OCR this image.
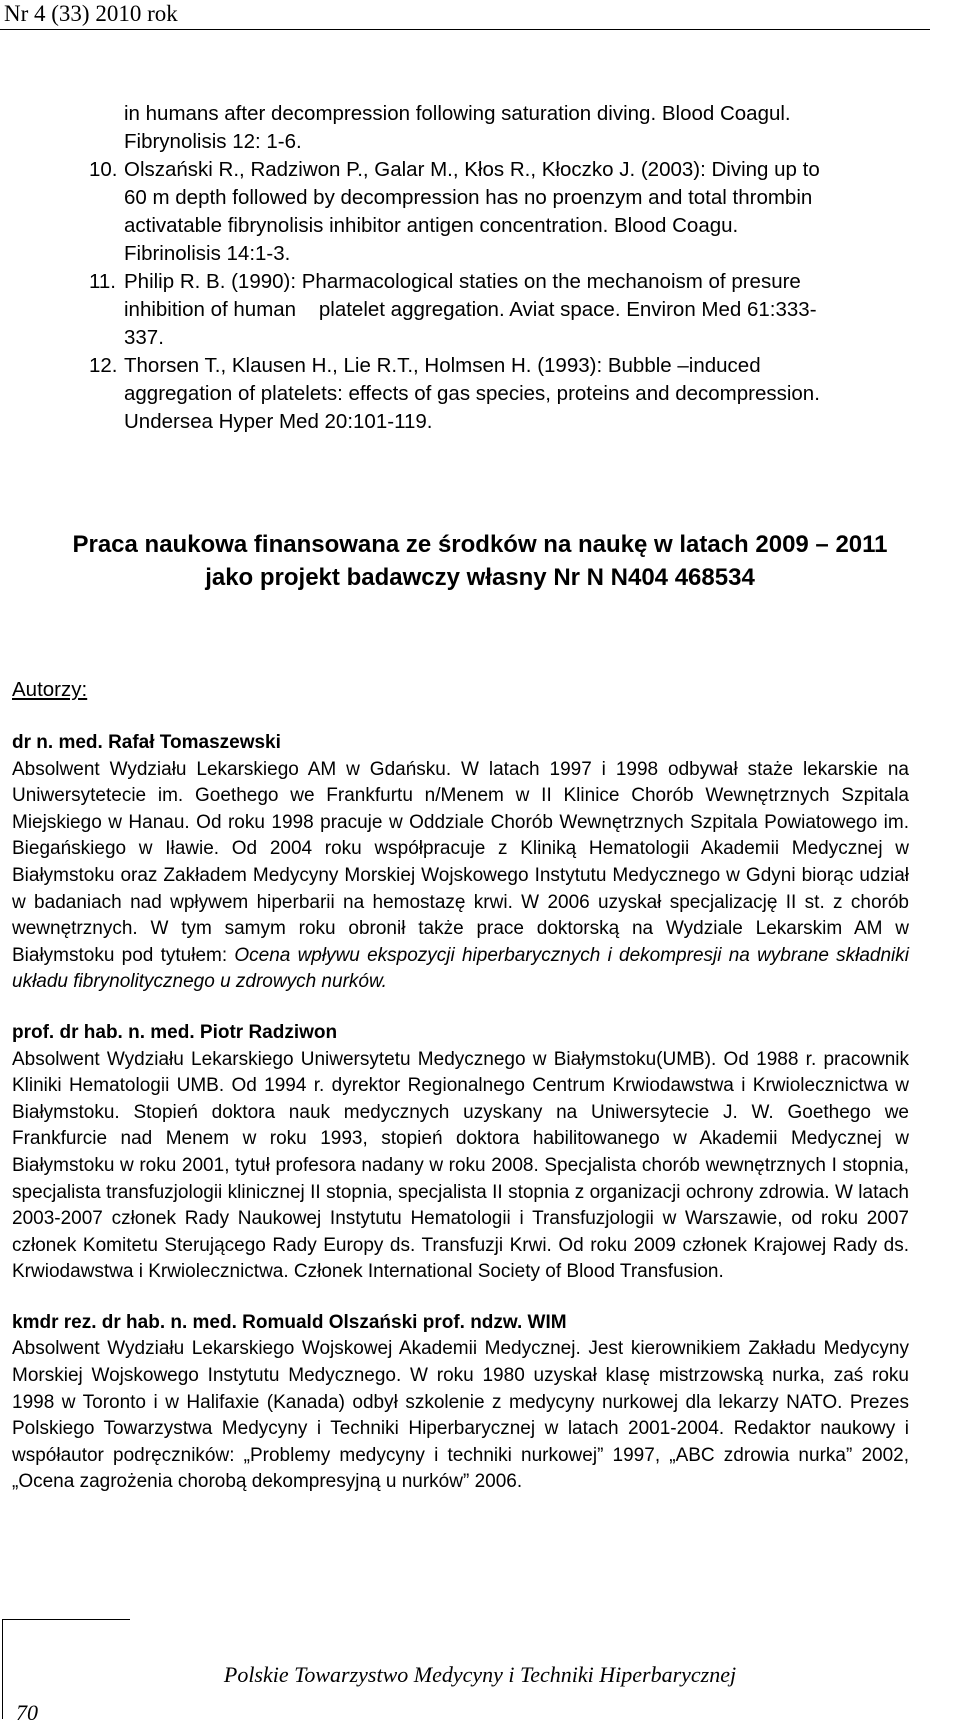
Nr 4 (33) 2010 rok
in humans after decompression following saturation diving. Blood Coagul.
Fibrynolisis 12: 1-6.
10. Olszański R., Radziwon P., Galar M., Kłos R., Kłoczko J. (2003): Diving up to
60 m depth followed by decompression has no proenzym and total thrombin
activatable fibrynolisis inhibitor antigen concentration. Blood Coagu.
Fibrinolisis 14:1-3.
11. Philip R. B. (1990): Pharmacological staties on the mechanoism of presure
inhibition of human    platelet aggregation. Aviat space. Environ Med 61:333-
337.
12. Thorsen T., Klausen H., Lie R.T., Holmsen H. (1993): Bubble –induced
aggregation of platelets: effects of gas species, proteins and decompression.
Undersea Hyper Med 20:101-119.
Praca naukowa finansowana ze środków na naukę w latach 2009 – 2011
jako projekt badawczy własny Nr N N404 468534
Autorzy:
dr n. med. Rafał Tomaszewski
Absolwent Wydziału Lekarskiego AM w Gdańsku. W latach 1997 i 1998 odbywał staże lekarskie na Uniwersytetecie im. Goethego we Frankfurtu n/Menem w II Klinice Chorób Wewnętrznych Szpitala Miejskiego w Hanau. Od roku 1998 pracuje w Oddziale Chorób Wewnętrznych Szpitala Powiatowego im. Biegańskiego w Iławie. Od 2004 roku współpracuje z Kliniką Hematologii Akademii Medycznej w Białymstoku oraz Zakładem Medycyny Morskiej Wojskowego Instytutu Medycznego w Gdyni biorąc udział w badaniach nad wpływem hiperbarii na hemostazę krwi. W 2006 uzyskał specjalizację II st. z chorób wewnętrznych. W tym samym roku obronił także prace doktorską na Wydziale Lekarskim AM w Białymstoku pod tytułem: Ocena wpływu ekspozycji hiperbarycznych i dekompresji na wybrane składniki układu fibrynolitycznego u zdrowych nurków.
prof. dr hab. n. med. Piotr Radziwon
Absolwent Wydziału Lekarskiego Uniwersytetu Medycznego w Białymstoku(UMB). Od 1988 r. pracownik Kliniki Hematologii UMB. Od 1994 r. dyrektor Regionalnego Centrum Krwiodawstwa i Krwiolecznictwa w Białymstoku. Stopień doktora nauk medycznych uzyskany na Uniwersytecie J. W. Goethego we Frankfurcie nad Menem w roku 1993, stopień doktora habilitowanego w Akademii Medycznej w Białymstoku w roku 2001, tytuł profesora nadany w roku 2008. Specjalista chorób wewnętrznych I stopnia, specjalista transfuzjologii klinicznej II stopnia, specjalista II stopnia z organizacji ochrony zdrowia. W latach 2003-2007 członek Rady Naukowej Instytutu Hematologii i Transfuzjologii w Warszawie, od roku 2007 członek Komitetu Sterującego Rady Europy ds. Transfuzji Krwi. Od roku 2009 członek Krajowej Rady ds. Krwiodawstwa i Krwiolecznictwa. Członek International Society of Blood Transfusion.
kmdr rez. dr hab. n. med. Romuald Olszański prof. ndzw. WIM
Absolwent Wydziału Lekarskiego Wojskowej Akademii Medycznej. Jest kierownikiem Zakładu Medycyny Morskiej Wojskowego Instytutu Medycznego. W roku 1980 uzyskał klasę mistrzowską nurka, zaś roku 1998 w Toronto i w Halifaxie (Kanada) odbył szkolenie z medycyny nurkowej dla lekarzy NATO. Prezes Polskiego Towarzystwa Medycyny i Techniki Hiperbarycznej w latach 2001-2004. Redaktor naukowy i współautor podręczników: „Problemy medycyny i techniki nurkowej” 1997, „ABC zdrowia nurka” 2002, „Ocena zagrożenia chorobą dekompresyjną u nurków” 2006.
Polskie Towarzystwo Medycyny i Techniki Hiperbarycznej
70
